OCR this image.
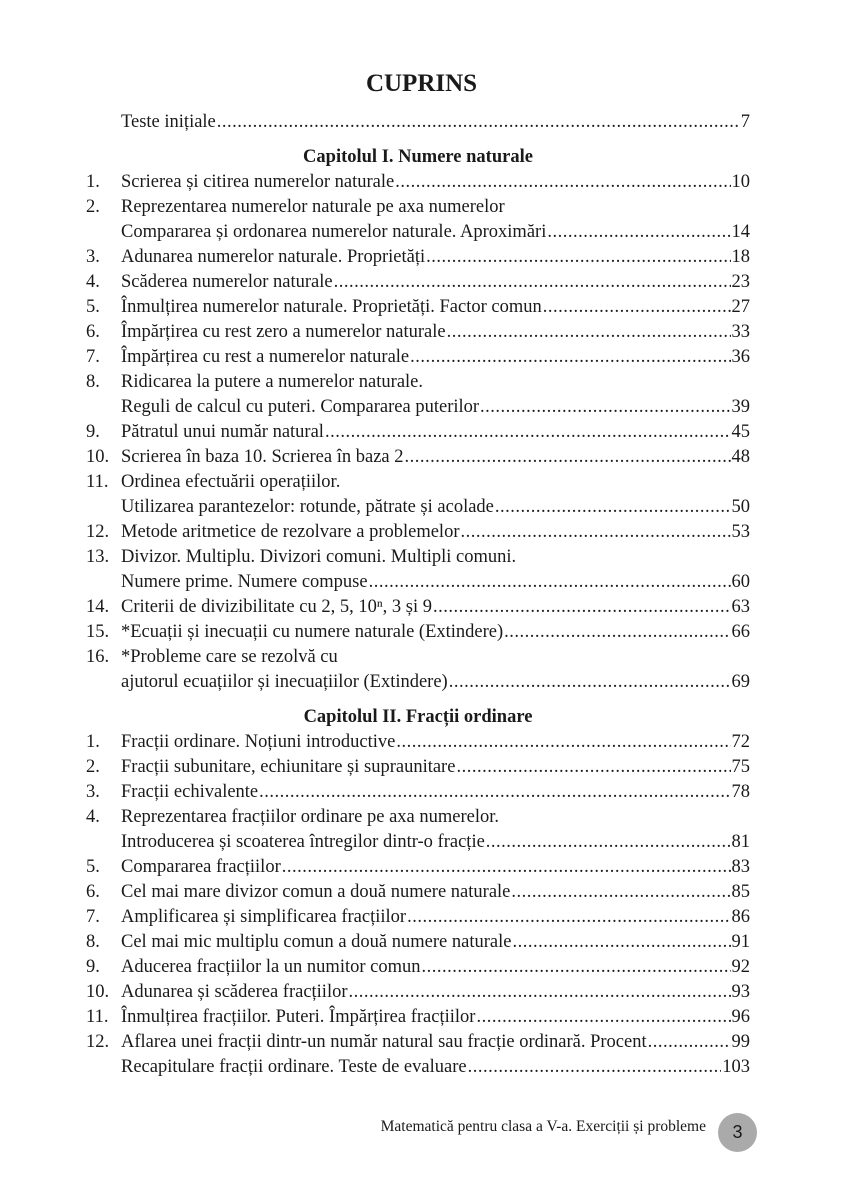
CUPRINS
Teste inițiale .....	7
Capitolul I. Numere naturale
1.	Scrierea și citirea numerelor naturale .....	10
2.	Reprezentarea numerelor naturale pe axa numerelor
Compararea și ordonarea numerelor naturale. Aproximări .....	14
3.	Adunarea numerelor naturale. Proprietăți .....	18
4.	Scăderea numerelor naturale .....	23
5.	Înmulțirea numerelor naturale. Proprietăți. Factor comun .....	27
6.	Împărțirea cu rest zero a numerelor naturale .....	33
7.	Împărțirea cu rest a numerelor naturale .....	36
8.	Ridicarea la putere a numerelor naturale.
Reguli de calcul cu puteri. Compararea puterilor .....	39
9.	Pătratul unui număr natural .....	45
10. Scrierea în baza 10. Scrierea în baza 2 .....	48
11. Ordinea efectuării operațiilor.
Utilizarea parantezelor: rotunde, pătrate și acolade .....	50
12. Metode aritmetice de rezolvare a problemelor .....	53
13. Divizor. Multiplu. Divizori comuni. Multipli comuni.
Numere prime. Numere compuse .....	60
14. Criterii de divizibilitate cu 2, 5, 10ⁿ, 3 și 9 .....	63
15. *Ecuații și inecuații cu numere naturale (Extindere) .....	66
16. *Probleme care se rezolvă cu
ajutorul ecuațiilor și inecuațiilor (Extindere) .....	69
Capitolul II. Fracții ordinare
1.	Fracții ordinare. Noțiuni introductive .....	72
2.	Fracții subunitare, echiunitare și supraunitare .....	75
3.	Fracții echivalente .....	78
4.	Reprezentarea fracțiilor ordinare pe axa numerelor.
Introducerea și scoaterea întregilor dintr-o fracție .....	81
5.	Compararea fracțiilor .....	83
6.	Cel mai mare divizor comun a două numere naturale .....	85
7.	Amplificarea și simplificarea fracțiilor .....	86
8.	Cel mai mic multiplu comun a două numere naturale .....	91
9.	Aducerea fracțiilor la un numitor comun .....	92
10. Adunarea și scăderea fracțiilor .....	93
11. Înmulțirea fracțiilor. Puteri. Împărțirea fracțiilor .....	96
12. Aflarea unei fracții dintr-un număr natural sau fracție ordinară. Procent .....	99
Recapitulare fracții ordinare. Teste de evaluare .....	103
Matematică pentru clasa a V-a. Exerciții și probleme	3
